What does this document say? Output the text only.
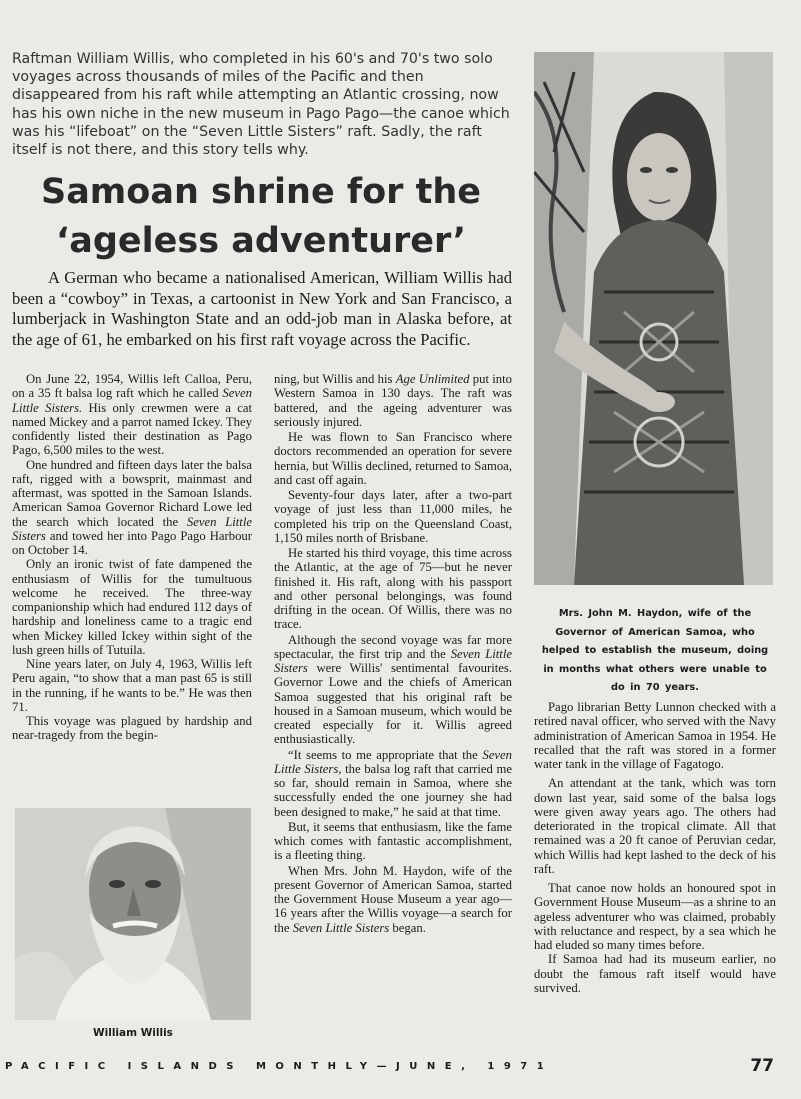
Raftman William Willis, who completed in his 60's and 70's two solo voyages across thousands of miles of the Pacific and then disappeared from his raft while attempting an Atlantic crossing, now has his own niche in the new museum in Pago Pago—the canoe which was his “lifeboat” on the “Seven Little Sisters” raft. Sadly, the raft itself is not there, and this story tells why.

Samoan shrine for the
‘ageless adventurer’

A German who became a nationalised American, William Willis had been a “cowboy” in Texas, a cartoonist in New York and San Francisco, a lumberjack in Washington State and an odd-job man in Alaska before, at the age of 61, he embarked on his first raft voyage across the Pacific.

On June 22, 1954, Willis left Calloa, Peru, on a 35 ft balsa log raft which he called Seven Little Sisters. His only crewmen were a cat named Mickey and a parrot named Ickey. They confidently listed their destination as Pago Pago, 6,500 miles to the west.

One hundred and fifteen days later the balsa raft, rigged with a bowsprit, mainmast and aftermast, was spotted in the Samoan Islands. American Samoa Governor Richard Lowe led the search which located the Seven Little Sisters and towed her into Pago Pago Harbour on October 14.

Only an ironic twist of fate dampened the enthusiasm of Willis for the tumultuous welcome he received. The three-way companionship which had endured 112 days of hardship and loneliness came to a tragic end when Mickey killed Ickey within sight of the lush green hills of Tutuila.

Nine years later, on July 4, 1963, Willis left Peru again, “to show that a man past 65 is still in the running, if he wants to be.” He was then 71.

This voyage was plagued by hardship and near-tragedy from the begin-

William Willis

ning, but Willis and his Age Unlimited put into Western Samoa in 130 days. The raft was battered, and the ageing adventurer was seriously injured.

He was flown to San Francisco where doctors recommended an operation for severe hernia, but Willis declined, returned to Samoa, and cast off again.

Seventy-four days later, after a two-part voyage of just less than 11,000 miles, he completed his trip on the Queensland Coast, 1,150 miles north of Brisbane.

He started his third voyage, this time across the Atlantic, at the age of 75—but he never finished it. His raft, along with his passport and other personal belongings, was found drifting in the ocean. Of Willis, there was no trace.

Although the second voyage was far more spectacular, the first trip and the Seven Little Sisters were Willis' sentimental favourites. Governor Lowe and the chiefs of American Samoa suggested that his original raft be housed in a Samoan museum, which would be created especially for it. Willis agreed enthusiastically.

“It seems to me appropriate that the Seven Little Sisters, the balsa log raft that carried me so far, should remain in Samoa, where she successfully ended the one journey she had been designed to make,” he said at that time.

But, it seems that enthusiasm, like the fame which comes with fantastic accomplishment, is a fleeting thing.

When Mrs. John M. Haydon, wife of the present Governor of American Samoa, started the Government House Museum a year ago—16 years after the Willis voyage—a search for the Seven Little Sisters began.

Mrs. John M. Haydon, wife of the Governor of American Samoa, who helped to establish the museum, doing in months what others were unable to do in 70 years.

Pago librarian Betty Lunnon checked with a retired naval officer, who served with the Navy administration of American Samoa in 1954. He recalled that the raft was stored in a former water tank in the village of Fagatogo.

An attendant at the tank, which was torn down last year, said some of the balsa logs were given away years ago. The others had deteriorated in the tropical climate. All that remained was a 20 ft canoe of Peruvian cedar, which Willis had kept lashed to the deck of his raft.

That canoe now holds an honoured spot in Government House Museum—as a shrine to an ageless adventurer who was claimed, probably with reluctance and respect, by a sea which he had eluded so many times before.

If Samoa had had its museum earlier, no doubt the famous raft itself would have survived.

PACIFIC ISLANDS MONTHLY—JUNE, 1971	77
